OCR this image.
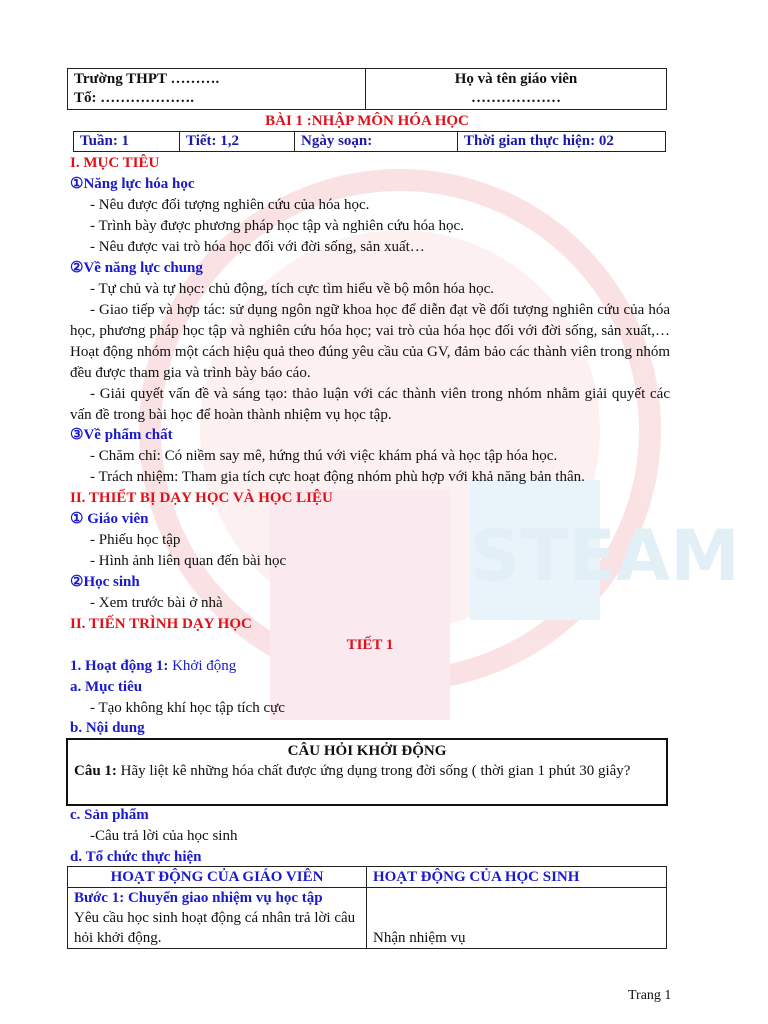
STEAM
Trường THPT ……….
Tổ: ……………….

Họ và tên giáo viên
………………
BÀI 1 :NHẬP MÔN HÓA HỌC
Tuần: 1	Tiết: 1,2	Ngày soạn:	Thời gian thực hiện: 02
I. MỤC TIÊU
①Năng lực hóa học
- Nêu được đối tượng nghiên cứu của hóa học.
- Trình bày được phương pháp học tập và nghiên cứu hóa học.
- Nêu được vai trò hóa học đối với đời sống, sản xuất…
②Về năng lực chung
- Tự chủ và tự học: chủ động, tích cực tìm hiểu về bộ môn hóa học.
- Giao tiếp và hợp tác: sử dụng ngôn ngữ khoa học để diễn đạt về đối tượng nghiên cứu của hóa học, phương pháp học tập và nghiên cứu hóa học; vai trò của hóa học đối với đời sống, sản xuất,…Hoạt động nhóm một cách hiệu quả theo đúng yêu cầu của GV, đảm bảo các thành viên trong nhóm đều được tham gia và trình bày báo cáo.
- Giải quyết vấn đề và sáng tạo: thảo luận với các thành viên trong nhóm nhằm giải quyết các vấn đề trong bài học để hoàn thành nhiệm vụ học tập.
③Về phẩm chất
- Chăm chỉ: Có niềm say mê, hứng thú với việc khám phá và học tập hóa học.
- Trách nhiệm: Tham gia tích cực hoạt động nhóm phù hợp với khả năng bản thân.
II. THIẾT BỊ DẠY HỌC VÀ HỌC LIỆU
① Giáo viên
- Phiếu học tập
- Hình ảnh liên quan đến bài học
②Học sinh
- Xem trước bài ở nhà
II. TIẾN TRÌNH DẠY HỌC
TIẾT 1
1. Hoạt động 1: Khởi động
a. Mục tiêu
- Tạo không khí học tập tích cực
b. Nội dung
CÂU HỎI KHỞI ĐỘNG
Câu 1: Hãy liệt kê những hóa chất được ứng dụng trong đời sống ( thời gian 1 phút 30 giây?
c. Sản phẩm
-Câu trả lời của học sinh
d. Tổ chức thực hiện
HOẠT ĐỘNG CỦA GIÁO VIÊN	HOẠT ĐỘNG CỦA HỌC SINH

Bước 1: Chuyển giao nhiệm vụ học tập
Yêu cầu học sinh hoạt động cá nhân trả lời câu hỏi khởi động.	Nhận nhiệm vụ
Trang 1
